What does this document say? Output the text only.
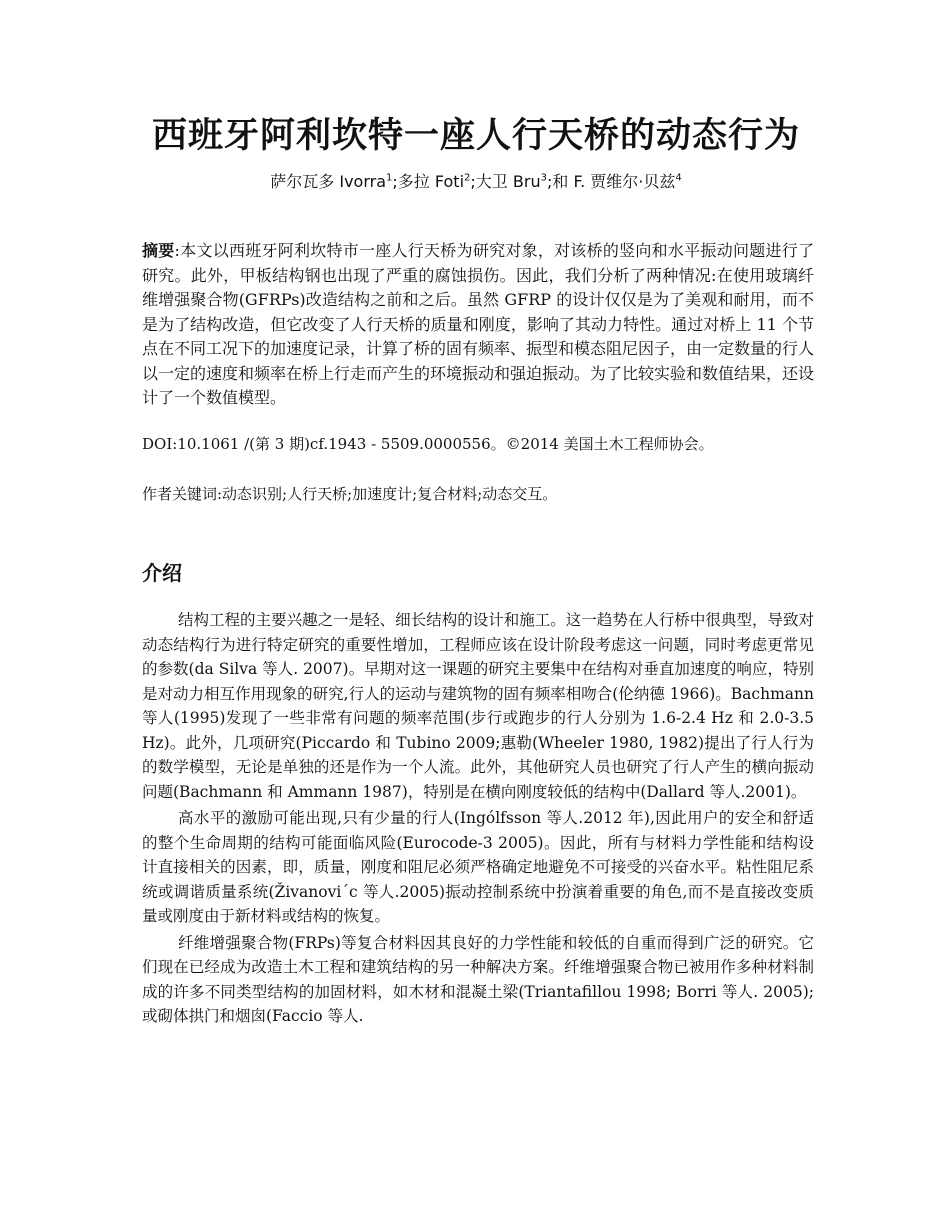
西班牙阿利坎特一座人行天桥的动态行为
萨尔瓦多 Ivorra$^1$;多拉 Foti$^2$;大卫 Bru$^3$;和 F. 贾维尔·贝兹$^4$

摘要:本文以西班牙阿利坎特市一座人行天桥为研究对象，对该桥的竖向和水平振动问题进行了研究。此外，甲板结构钢也出现了严重的腐蚀损伤。因此，我们分析了两种情况:在使用玻璃纤维增强聚合物(GFRPs)改造结构之前和之后。虽然 GFRP 的设计仅仅是为了美观和耐用，而不是为了结构改造，但它改变了人行天桥的质量和刚度，影响了其动力特性。通过对桥上 11 个节点在不同工况下的加速度记录，计算了桥的固有频率、振型和模态阻尼因子，由一定数量的行人以一定的速度和频率在桥上行走而产生的环境振动和强迫振动。为了比较实验和数值结果，还设计了一个数值模型。

DOI:10.1061 /(第 3 期)cf.1943 - 5509.0000556。©2014 美国土木工程师协会。
作者关键词:动态识别;人行天桥;加速度计;复合材料;动态交互。
介绍

结构工程的主要兴趣之一是轻、细长结构的设计和施工。这一趋势在人行桥中很典型，导致对动态结构行为进行特定研究的重要性增加，工程师应该在设计阶段考虑这一问题，同时考虑更常见的参数(da Silva 等人. 2007)。早期对这一课题的研究主要集中在结构对垂直加速度的响应，特别是对动力相互作用现象的研究,行人的运动与建筑物的固有频率相吻合(伦纳德 1966)。Bachmann 等人(1995)发现了一些非常有问题的频率范围(步行或跑步的行人分别为 1.6-2.4 Hz 和 2.0-3.5 Hz)。此外，几项研究(Piccardo 和 Tubino 2009;惠勒(Wheeler 1980, 1982)提出了行人行为的数学模型，无论是单独的还是作为一个人流。此外，其他研究人员也研究了行人产生的横向振动问题(Bachmann 和 Ammann 1987)，特别是在横向刚度较低的结构中(Dallard 等人.2001)。

高水平的激励可能出现,只有少量的行人(Ingólfsson 等人.2012 年),因此用户的安全和舒适的整个生命周期的结构可能面临风险(Eurocode-3 2005)。因此，所有与材料力学性能和结构设计直接相关的因素，即，质量，刚度和阻尼必须严格确定地避免不可接受的兴奋水平。粘性阻尼系统或调谐质量系统(Živanovi´c 等人.2005)振动控制系统中扮演着重要的角色,而不是直接改变质量或刚度由于新材料或结构的恢复。

纤维增强聚合物(FRPs)等复合材料因其良好的力学性能和较低的自重而得到广泛的研究。它们现在已经成为改造土木工程和建筑结构的另一种解决方案。纤维增强聚合物已被用作多种材料制成的许多不同类型结构的加固材料，如木材和混凝土梁(Triantafillou 1998; Borri 等人. 2005);或砌体拱门和烟囱(Faccio 等人.
